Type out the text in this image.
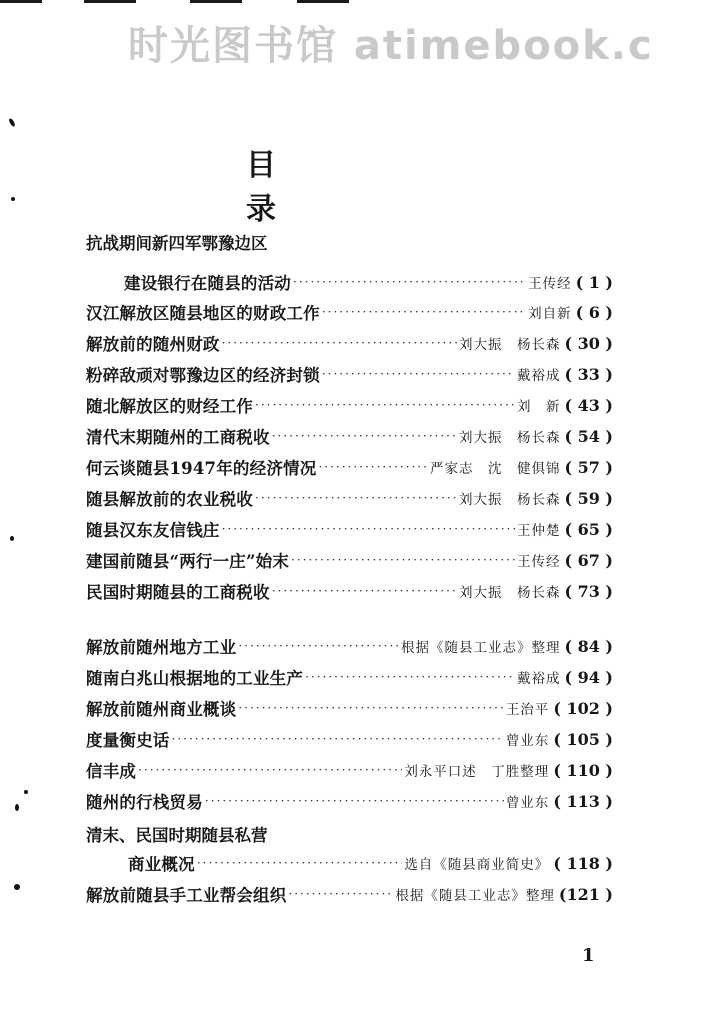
时光图书馆 atimebook.c
目录
抗战期间新四军鄂豫边区
建设银行在随县的活动 ·····	王传经 ( 1 )
汉江解放区随县地区的财政工作 ·····	刘自新 ( 6 )
解放前的随州财政 ·····	刘大振　杨长森 ( 30 )
粉碎敌顽对鄂豫边区的经济封锁 ·····	戴裕成 ( 33 )
随北解放区的财经工作 ·····	刘　新 ( 43 )
清代末期随州的工商税收 ·····	刘大振　杨长森 ( 54 )
何云谈随县1947年的经济情况 ·····	严家志　沈　健俱锦 ( 57 )
随县解放前的农业税收 ·····	刘大振　杨长森 ( 59 )
随县汉东友信钱庄 ·····	王仲楚 ( 65 )
建国前随县“两行一庄”始末 ·····	王传经 ( 67 )
民国时期随县的工商税收 ·····	刘大振　杨长森 ( 73 )
解放前随州地方工业 ·····	根据《随县工业志》整理 ( 84 )
随南白兆山根据地的工业生产 ·····	戴裕成 ( 94 )
解放前随州商业概谈 ·····	王治平 ( 102 )
度量衡史话 ·····	曾业东 ( 105 )
信丰成 ·····	刘永平口述　丁胜整理 ( 110 )
随州的行栈贸易 ·····	曾业东 ( 113 )
清末、民国时期随县私营
商业概况 ·····	选自《随县商业简史》 ( 118 )
解放前随县手工业帮会组织 ·····	根据《随县工业志》整理 (121 )
1
